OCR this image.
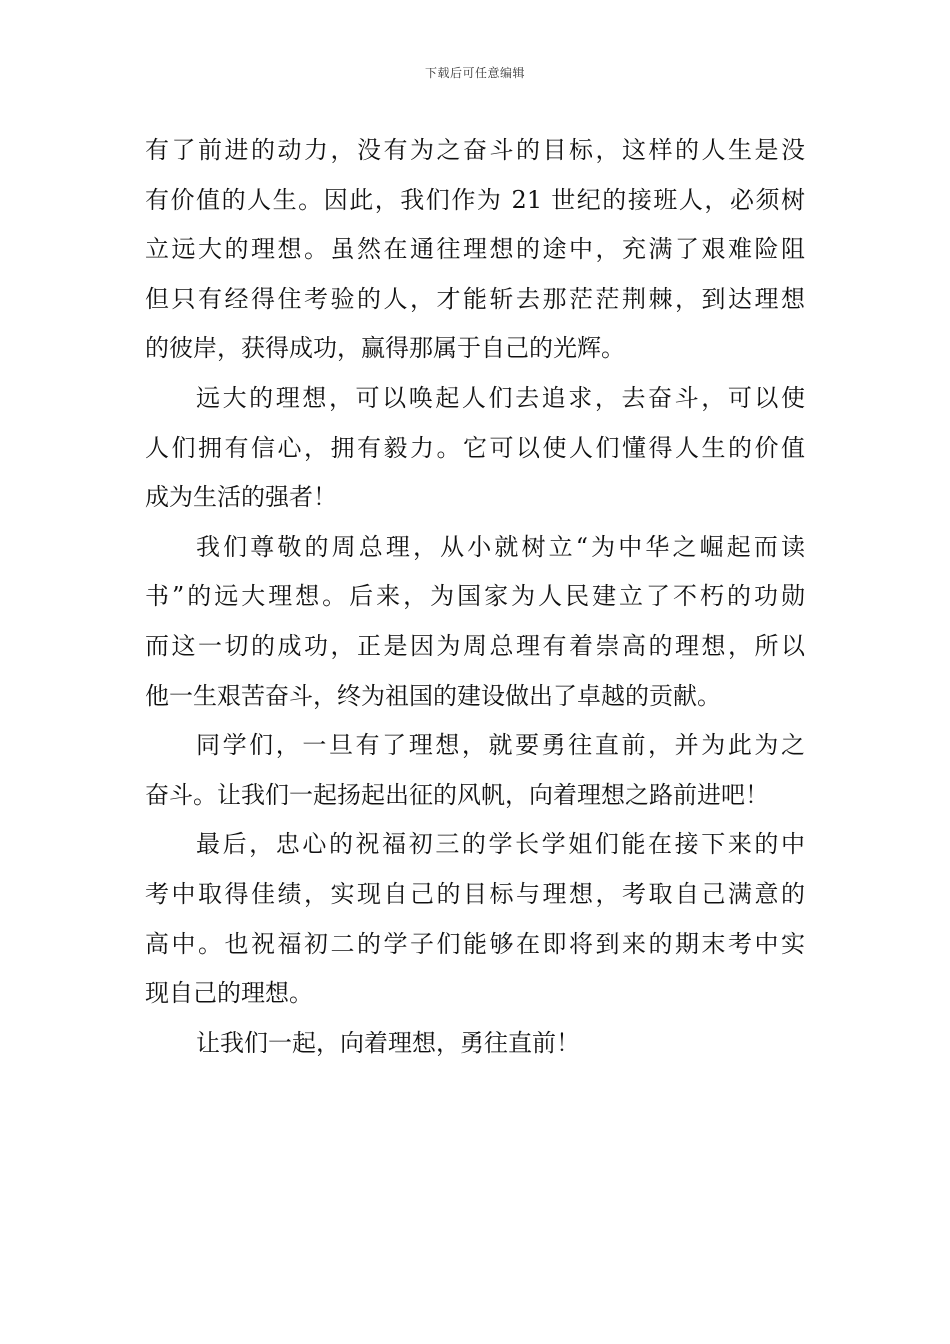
下载后可任意编辑
有了前进的动力，没有为之奋斗的目标，这样的人生是没
有价值的人生。因此，我们作为 21 世纪的接班人，必须树
立远大的理想。虽然在通往理想的途中，充满了艰难险阻
但只有经得住考验的人，才能斩去那茫茫荆棘，到达理想
的彼岸，获得成功，赢得那属于自己的光辉。
远大的理想，可以唤起人们去追求，去奋斗，可以使
人们拥有信心，拥有毅力。它可以使人们懂得人生的价值
成为生活的强者！
我们尊敬的周总理，从小就树立“为中华之崛起而读
书”的远大理想。后来，为国家为人民建立了不朽的功勋
而这一切的成功，正是因为周总理有着崇高的理想，所以
他一生艰苦奋斗，终为祖国的建设做出了卓越的贡献。
同学们，一旦有了理想，就要勇往直前，并为此为之
奋斗。让我们一起扬起出征的风帆，向着理想之路前进吧！
最后，忠心的祝福初三的学长学姐们能在接下来的中
考中取得佳绩，实现自己的目标与理想，考取自己满意的
高中。也祝福初二的学子们能够在即将到来的期末考中实
现自己的理想。
让我们一起，向着理想，勇往直前！
